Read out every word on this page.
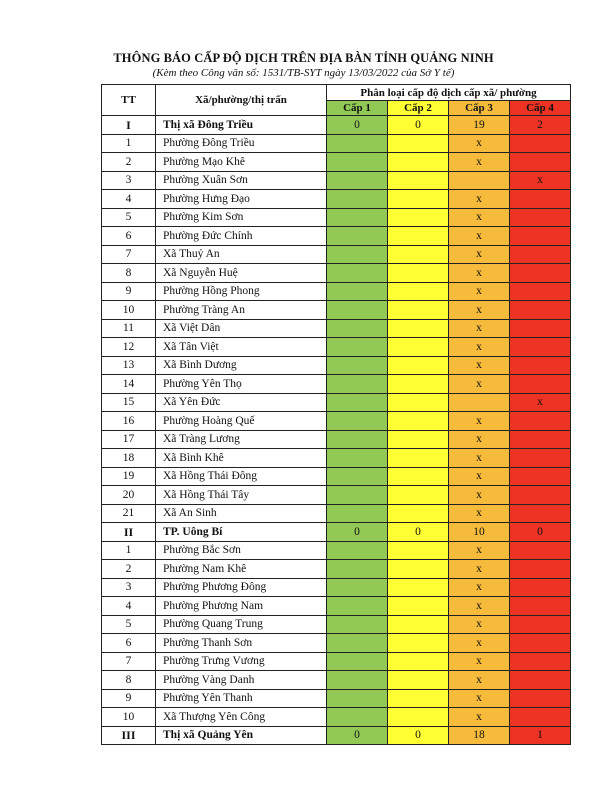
THÔNG BÁO CẤP ĐỘ DỊCH TRÊN ĐỊA BÀN TỈNH QUẢNG NINH
(Kèm theo Công văn số: 1531/TB-SYT ngày 13/03/2022 của Sở Y tế)
TT	Xã/phường/thị trấn	Phân loại cấp độ dịch cấp xã/ phường			
		Cấp 1	Cấp 2	Cấp 3	Cấp 4
I	Thị xã Đông Triều	0	0	19	2
1	Phường Đông Triều			x	
2	Phường Mạo Khê			x	
3	Phường Xuân Sơn				x
4	Phường Hưng Đạo			x	
5	Phường Kim Sơn			x	
6	Phường Đức Chính			x	
7	Xã Thuỷ An			x	
8	Xã Nguyễn Huệ			x	
9	Phường Hồng Phong			x	
10	Phường Tràng An			x	
11	Xã Việt Dân			x	
12	Xã Tân Việt			x	
13	Xã Bình Dương			x	
14	Phường Yên Thọ			x	
15	Xã Yên Đức				x
16	Phường Hoàng Quế			x	
17	Xã Tràng Lương			x	
18	Xã Bình Khê			x	
19	Xã Hồng Thái Đông			x	
20	Xã Hồng Thái Tây			x	
21	Xã An Sinh			x	
II	TP. Uông Bí	0	0	10	0
1	Phường Bắc Sơn			x	
2	Phường Nam Khê			x	
3	Phường Phương Đông			x	
4	Phường Phương Nam			x	
5	Phường Quang Trung			x	
6	Phường Thanh Sơn			x	
7	Phường Trưng Vương			x	
8	Phường Vàng Danh			x	
9	Phường Yên Thanh			x	
10	Xã Thượng Yên Công			x	
III	Thị xã Quảng Yên	0	0	18	1
